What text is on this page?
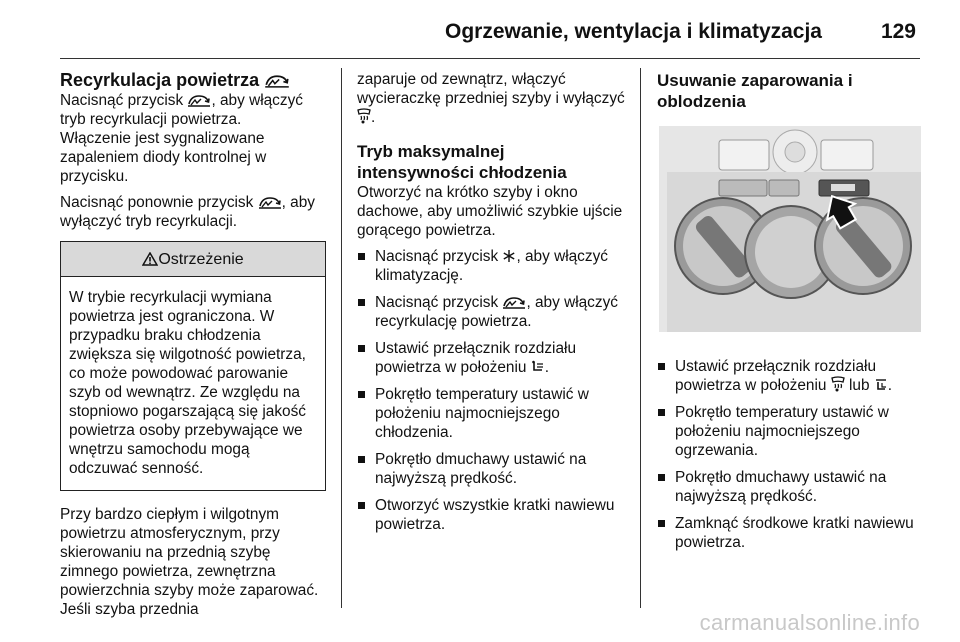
Ogrzewanie, wentylacja i klimatyzacja	129
Recyrkulacja powietrza

Nacisnąć przycisk , aby włączyć tryb recyrkulacji powietrza.
Włączenie jest sygnalizowane zapaleniem diody kontrolnej w przycisku.

Nacisnąć ponownie przycisk , aby wyłączyć tryb recyrkulacji.

Ostrzeżenie
W trybie recyrkulacji wymiana powietrza jest ograniczona. W przypadku braku chłodzenia zwiększa się wilgotność powietrza, co może powodować parowanie szyb od wewnątrz. Ze względu na stopniowo pogarszającą się jakość powietrza osoby przebywające we wnętrzu samochodu mogą odczuwać senność.

Przy bardzo ciepłym i wilgotnym powietrzu atmosferycznym, przy skierowaniu na przednią szybę zimnego powietrza, zewnętrzna powierzchnia szyby może zaparować. Jeśli szyba przednia

zaparuje od zewnątrz, włączyć wycieraczkę przedniej szyby i wyłączyć .

Tryb maksymalnej intensywności chłodzenia

Otworzyć na krótko szyby i okno dachowe, aby umożliwić szybkie ujście gorącego powietrza.

Nacisnąć przycisk , aby włączyć klimatyzację.
Nacisnąć przycisk , aby włączyć recyrkulację powietrza.
Ustawić przełącznik rozdziału powietrza w położeniu .
Pokrętło temperatury ustawić w położeniu najmocniejszego chłodzenia.
Pokrętło dmuchawy ustawić na najwyższą prędkość.
Otworzyć wszystkie kratki nawiewu powietrza.
Usuwanie zaparowania i oblodzenia
Ustawić przełącznik rozdziału powietrza w położeniu  lub .
Pokrętło temperatury ustawić w położeniu najmocniejszego ogrzewania.
Pokrętło dmuchawy ustawić na najwyższą prędkość.
Zamknąć środkowe kratki nawiewu powietrza.
carmanualsonline.info
